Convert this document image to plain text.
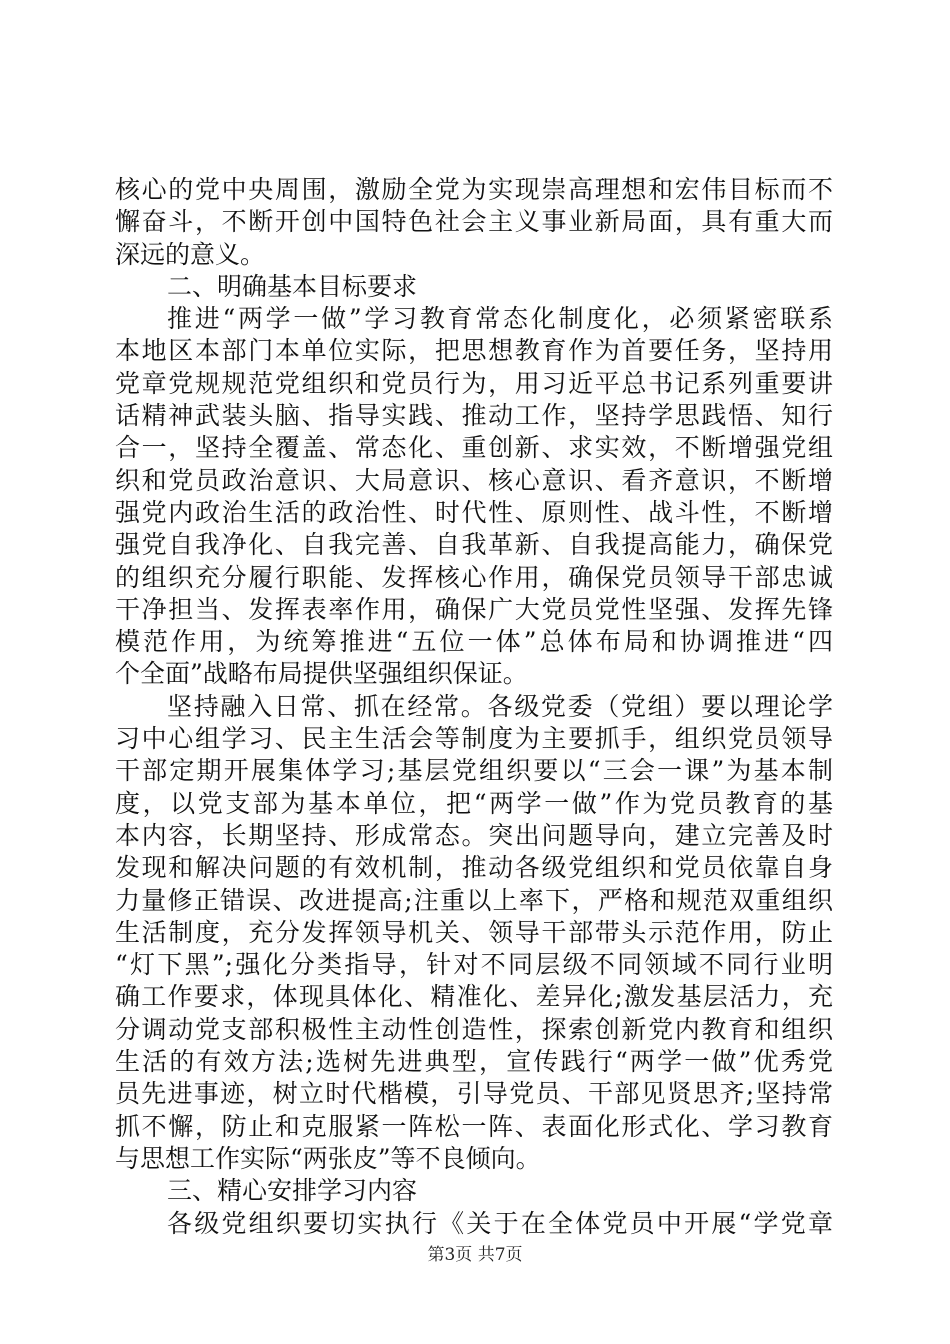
核心的党中央周围，激励全党为实现崇高理想和宏伟目标而不
懈奋斗，不断开创中国特色社会主义事业新局面，具有重大而
深远的意义。
二、明确基本目标要求
推进“两学一做”学习教育常态化制度化，必须紧密联系
本地区本部门本单位实际，把思想教育作为首要任务，坚持用
党章党规规范党组织和党员行为，用习近平总书记系列重要讲
话精神武装头脑、指导实践、推动工作，坚持学思践悟、知行
合一，坚持全覆盖、常态化、重创新、求实效，不断增强党组
织和党员政治意识、大局意识、核心意识、看齐意识，不断增
强党内政治生活的政治性、时代性、原则性、战斗性，不断增
强党自我净化、自我完善、自我革新、自我提高能力，确保党
的组织充分履行职能、发挥核心作用，确保党员领导干部忠诚
干净担当、发挥表率作用，确保广大党员党性坚强、发挥先锋
模范作用，为统筹推进“五位一体”总体布局和协调推进“四
个全面”战略布局提供坚强组织保证。
坚持融入日常、抓在经常。各级党委（党组）要以理论学
习中心组学习、民主生活会等制度为主要抓手，组织党员领导
干部定期开展集体学习;基层党组织要以“三会一课”为基本制
度，以党支部为基本单位，把“两学一做”作为党员教育的基
本内容，长期坚持、形成常态。突出问题导向，建立完善及时
发现和解决问题的有效机制，推动各级党组织和党员依靠自身
力量修正错误、改进提高;注重以上率下，严格和规范双重组织
生活制度，充分发挥领导机关、领导干部带头示范作用，防止
“灯下黑”;强化分类指导，针对不同层级不同领域不同行业明
确工作要求，体现具体化、精准化、差异化;激发基层活力，充
分调动党支部积极性主动性创造性，探索创新党内教育和组织
生活的有效方法;选树先进典型，宣传践行“两学一做”优秀党
员先进事迹，树立时代楷模，引导党员、干部见贤思齐;坚持常
抓不懈，防止和克服紧一阵松一阵、表面化形式化、学习教育
与思想工作实际“两张皮”等不良倾向。
三、精心安排学习内容
各级党组织要切实执行《关于在全体党员中开展“学党章
第3页 共7页
